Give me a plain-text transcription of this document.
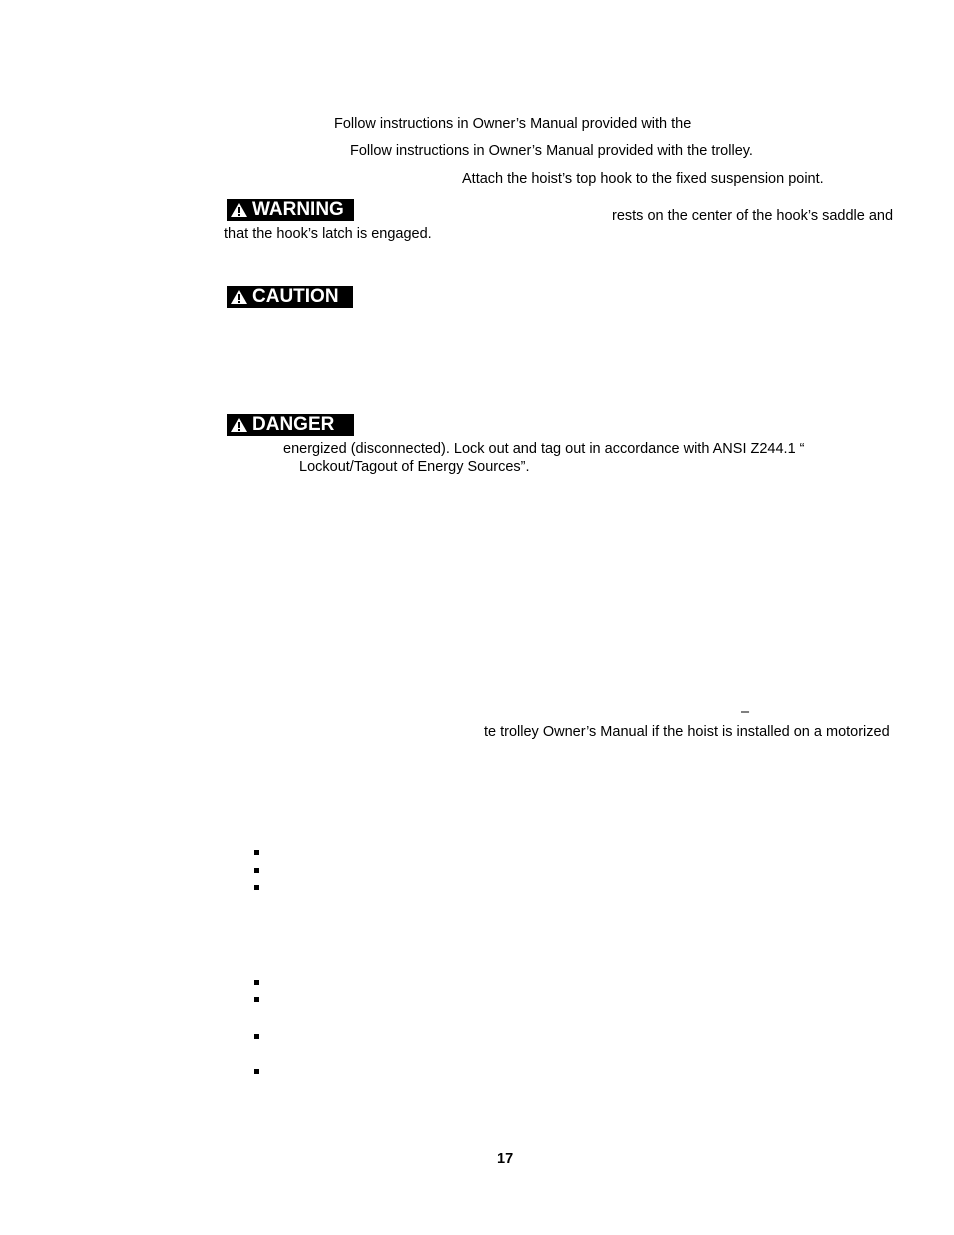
Follow instructions in Owner’s Manual provided with the
Follow instructions in Owner’s Manual provided with the trolley.
Attach the hoist’s top hook to the fixed suspension point.
WARNING	rests on the center of the hook’s saddle and
that the hook’s latch is engaged.
CAUTION
DANGER
energized (disconnected). Lock out and tag out in accordance with ANSI Z244.1 “
Lockout/Tagout of Energy Sources”.
–
te trolley Owner’s Manual if the hoist is installed on a motorized
17
